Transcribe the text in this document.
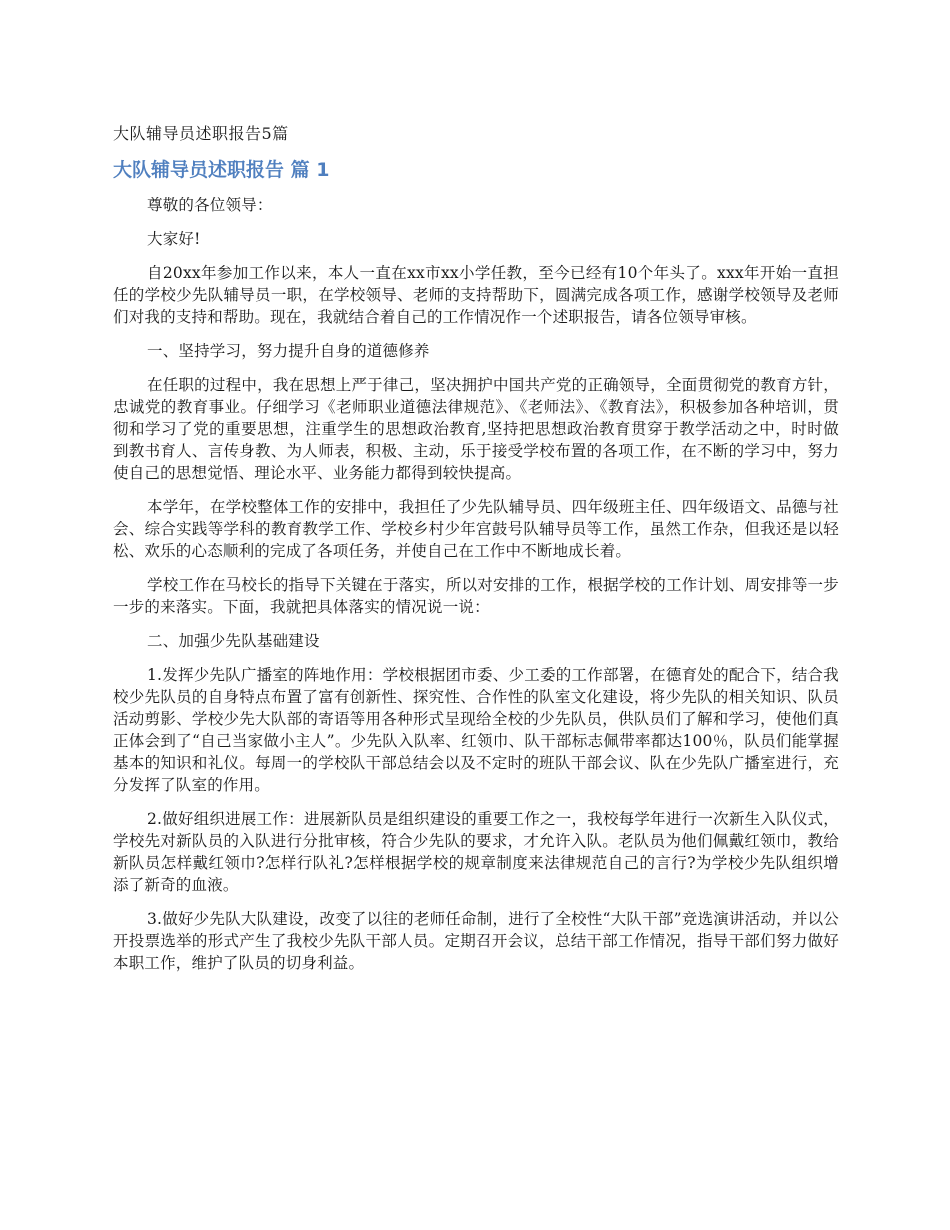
大队辅导员述职报告5篇
大队辅导员述职报告 篇 1

尊敬的各位领导：

大家好!

自20xx年参加工作以来，本人一直在xx市xx小学任教，至今已经有10个年头了。xxx年开始一直担任的学校少先队辅导员一职，在学校领导、老师的支持帮助下，圆满完成各项工作，感谢学校领导及老师们对我的支持和帮助。现在，我就结合着自己的工作情况作一个述职报告，请各位领导审核。

一、坚持学习，努力提升自身的道德修养

在任职的过程中，我在思想上严于律己，坚决拥护中国共产党的正确领导，全面贯彻党的教育方针，忠诚党的教育事业。仔细学习《老师职业道德法律规范》、《老师法》、《教育法》，积极参加各种培训，贯彻和学习了党的重要思想，注重学生的思想政治教育,坚持把思想政治教育贯穿于教学活动之中，时时做到教书育人、言传身教、为人师表，积极、主动，乐于接受学校布置的各项工作，在不断的学习中，努力使自己的思想觉悟、理论水平、业务能力都得到较快提高。

本学年，在学校整体工作的安排中，我担任了少先队辅导员、四年级班主任、四年级语文、品德与社会、综合实践等学科的教育教学工作、学校乡村少年宫鼓号队辅导员等工作，虽然工作杂，但我还是以轻松、欢乐的心态顺利的完成了各项任务，并使自己在工作中不断地成长着。

学校工作在马校长的指导下关键在于落实，所以对安排的工作，根据学校的工作计划、周安排等一步一步的来落实。下面，我就把具体落实的情况说一说：

二、加强少先队基础建设

1.发挥少先队广播室的阵地作用：学校根据团市委、少工委的工作部署，在德育处的配合下，结合我校少先队员的自身特点布置了富有创新性、探究性、合作性的队室文化建设，将少先队的相关知识、队员活动剪影、学校少先大队部的寄语等用各种形式呈现给全校的少先队员，供队员们了解和学习，使他们真正体会到了“自己当家做小主人”。少先队入队率、红领巾、队干部标志佩带率都达100％，队员们能掌握基本的知识和礼仪。每周一的学校队干部总结会以及不定时的班队干部会议、队在少先队广播室进行，充分发挥了队室的作用。

2.做好组织进展工作：进展新队员是组织建设的重要工作之一，我校每学年进行一次新生入队仪式，学校先对新队员的入队进行分批审核，符合少先队的要求，才允许入队。老队员为他们佩戴红领巾，教给新队员怎样戴红领巾?怎样行队礼?怎样根据学校的规章制度来法律规范自己的言行?为学校少先队组织增添了新奇的血液。

3.做好少先队大队建设，改变了以往的老师任命制，进行了全校性“大队干部”竞选演讲活动，并以公开投票选举的形式产生了我校少先队干部人员。定期召开会议，总结干部工作情况，指导干部们努力做好本职工作，维护了队员的切身利益。
